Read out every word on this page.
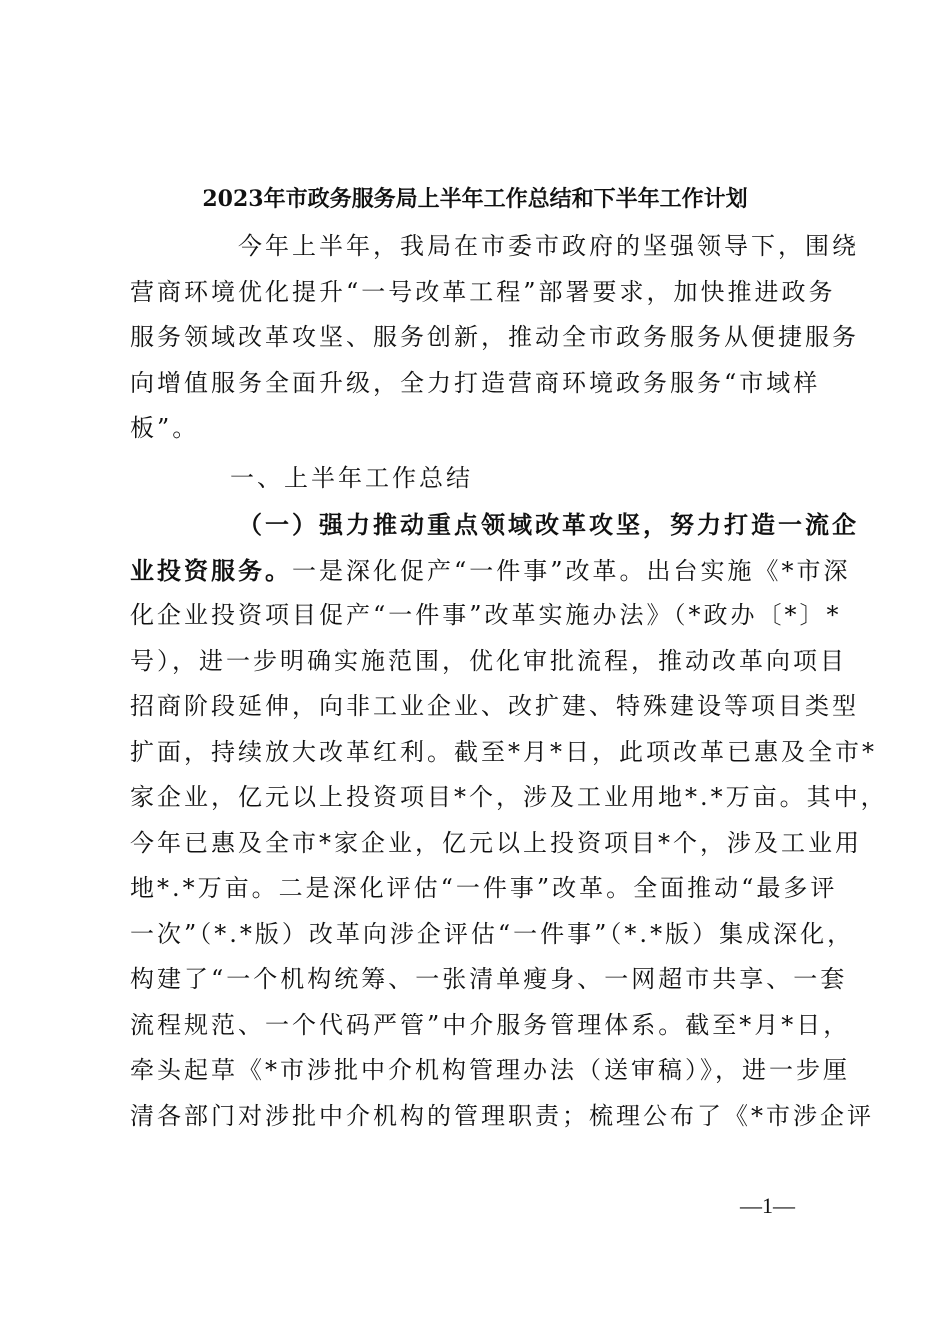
2023年市政务服务局上半年工作总结和下半年工作计划
今年上半年，我局在市委市政府的坚强领导下，围绕
营商环境优化提升“一号改革工程”部署要求，加快推进政务
服务领域改革攻坚、服务创新，推动全市政务服务从便捷服务
向增值服务全面升级，全力打造营商环境政务服务“市域样
板”。
一、上半年工作总结
（一）强力推动重点领域改革攻坚，努力打造一流企
业投资服务。一是深化促产“一件事”改革。出台实施《*市深
化企业投资项目促产“一件事”改革实施办法》（*政办〔*〕*
号），进一步明确实施范围，优化审批流程，推动改革向项目
招商阶段延伸，向非工业企业、改扩建、特殊建设等项目类型
扩面，持续放大改革红利。截至*月*日，此项改革已惠及全市*
家企业，亿元以上投资项目*个，涉及工业用地*.*万亩。其中，
今年已惠及全市*家企业，亿元以上投资项目*个，涉及工业用
地*.*万亩。二是深化评估“一件事”改革。全面推动“最多评
一次”（*.*版）改革向涉企评估“一件事”（*.*版）集成深化，
构建了“一个机构统筹、一张清单瘦身、一网超市共享、一套
流程规范、一个代码严管”中介服务管理体系。截至*月*日，
牵头起草《*市涉批中介机构管理办法（送审稿）》，进一步厘
清各部门对涉批中介机构的管理职责；梳理公布了《*市涉企评
—1—
